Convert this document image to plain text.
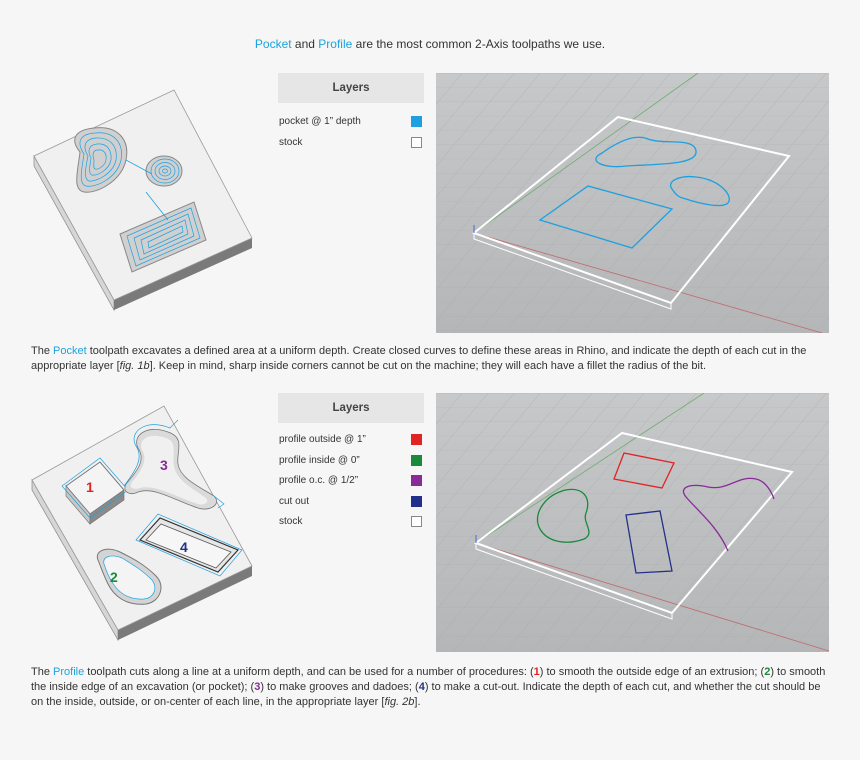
Pocket and Profile are the most common 2-Axis toolpaths we use.
Layers
pocket @ 1” depth
stock
The Pocket toolpath excavates a defined area at a uniform depth. Create closed curves to define these areas in Rhino, and indicate the depth of each cut in the appropriate layer [fig. 1b]. Keep in mind, sharp inside corners cannot be cut on the machine; they will each have a fillet the radius of the bit.
1
3
4
2
Layers
profile outside @ 1”
profile inside @ 0”
profile o.c. @ 1/2”
cut out
stock
The Profile toolpath cuts along a line at a uniform depth, and can be used for a number of procedures: (1) to smooth the outside edge of an extrusion; (2) to smooth the inside edge of an excavation (or pocket); (3) to make grooves and dadoes; (4) to make a cut-out. Indicate the depth of each cut, and whether the cut should be on the inside, outside, or on-center of each line, in the appropriate layer [fig. 2b].
